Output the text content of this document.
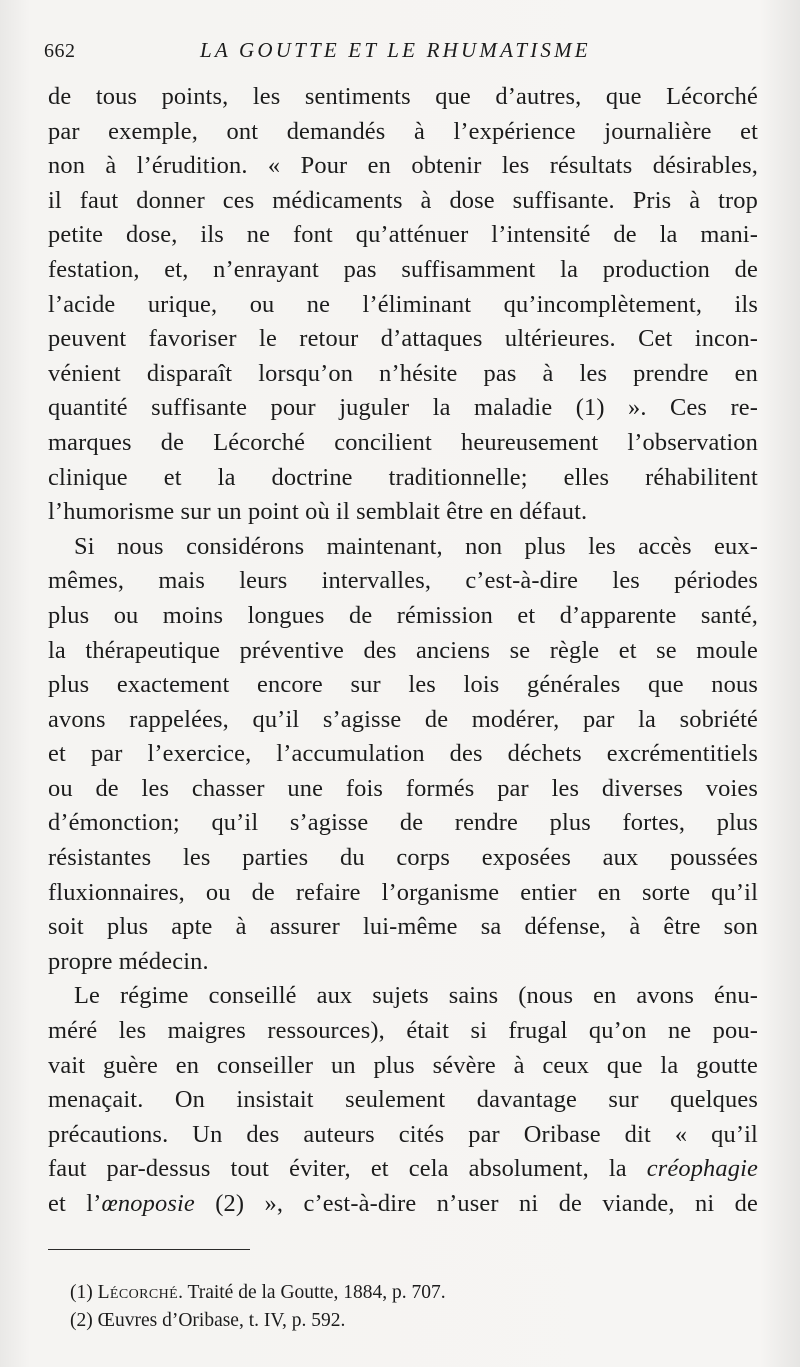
662	LA GOUTTE ET LE RHUMATISME
de tous points, les sentiments que d’autres, que Lécorché
par exemple, ont demandés à l’expérience journalière et
non à l’érudition. « Pour en obtenir les résultats désirables,
il faut donner ces médicaments à dose suffisante. Pris à trop
petite dose, ils ne font qu’atténuer l’intensité de la mani-
festation, et, n’enrayant pas suffisamment la production de
l’acide urique, ou ne l’éliminant qu’incomplètement, ils
peuvent favoriser le retour d’attaques ultérieures. Cet incon-
vénient disparaît lorsqu’on n’hésite pas à les prendre en
quantité suffisante pour juguler la maladie (1) ». Ces re-
marques de Lécorché concilient heureusement l’observation
clinique et la doctrine traditionnelle; elles réhabilitent
l’humorisme sur un point où il semblait être en défaut.
Si nous considérons maintenant, non plus les accès eux-
mêmes, mais leurs intervalles, c’est-à-dire les périodes
plus ou moins longues de rémission et d’apparente santé,
la thérapeutique préventive des anciens se règle et se moule
plus exactement encore sur les lois générales que nous
avons rappelées, qu’il s’agisse de modérer, par la sobriété
et par l’exercice, l’accumulation des déchets excrémentitiels
ou de les chasser une fois formés par les diverses voies
d’émonction; qu’il s’agisse de rendre plus fortes, plus
résistantes les parties du corps exposées aux poussées
fluxionnaires, ou de refaire l’organisme entier en sorte qu’il
soit plus apte à assurer lui-même sa défense, à être son
propre médecin.
Le régime conseillé aux sujets sains (nous en avons énu-
méré les maigres ressources), était si frugal qu’on ne pou-
vait guère en conseiller un plus sévère à ceux que la goutte
menaçait. On insistait seulement davantage sur quelques
précautions. Un des auteurs cités par Oribase dit « qu’il
faut par-dessus tout éviter, et cela absolument, la créophagie
et l’œnoposie (2) », c’est-à-dire n’user ni de viande, ni de
(1) Lécorché. Traité de la Goutte, 1884, p. 707.
(2) Œuvres d’Oribase, t. IV, p. 592.
